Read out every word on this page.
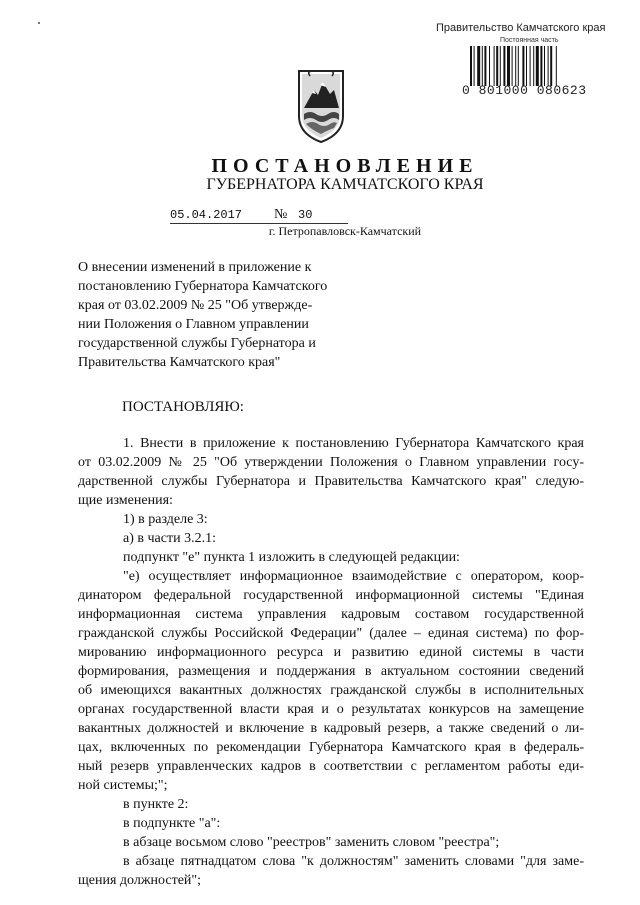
Правительство Камчатского края
Постоянная часть
0 801000 080623
ПОСТАНОВЛЕНИЕ
ГУБЕРНАТОРА КАМЧАТСКОГО КРАЯ
05.04.2017 № 30
г. Петропавловск-Камчатский
О внесении изменений в приложение к
постановлению Губернатора Камчатского
края от 03.02.2009 № 25 "Об утвержде-
нии Положения о Главном управлении
государственной службы Губернатора и
Правительства Камчатского края"
ПОСТАНОВЛЯЮ:
1. Внести в приложение к постановлению Губернатора Камчатского края
от 03.02.2009 № 25 "Об утверждении Положения о Главном управлении госу-
дарственной службы Губернатора и Правительства Камчатского края" следую-
щие изменения:
1) в разделе 3:
а) в части 3.2.1:
подпункт "е" пункта 1 изложить в следующей редакции:
"е) осуществляет информационное взаимодействие с оператором, коор-
динатором федеральной государственной информационной системы "Единая
информационная система управления кадровым составом государственной
гражданской службы Российской Федерации" (далее – единая система) по фор-
мированию информационного ресурса и развитию единой системы в части
формирования, размещения и поддержания в актуальном состоянии сведений
об имеющихся вакантных должностях гражданской службы в исполнительных
органах государственной власти края и о результатах конкурсов на замещение
вакантных должностей и включение в кадровый резерв, а также сведений о ли-
цах, включенных по рекомендации Губернатора Камчатского края в федераль-
ный резерв управленческих кадров в соответствии с регламентом работы еди-
ной системы;";
в пункте 2:
в подпункте "а":
в абзаце восьмом слово "реестров" заменить словом "реестра";
в абзаце пятнадцатом слова "к должностям" заменить словами "для заме-
щения должностей";
